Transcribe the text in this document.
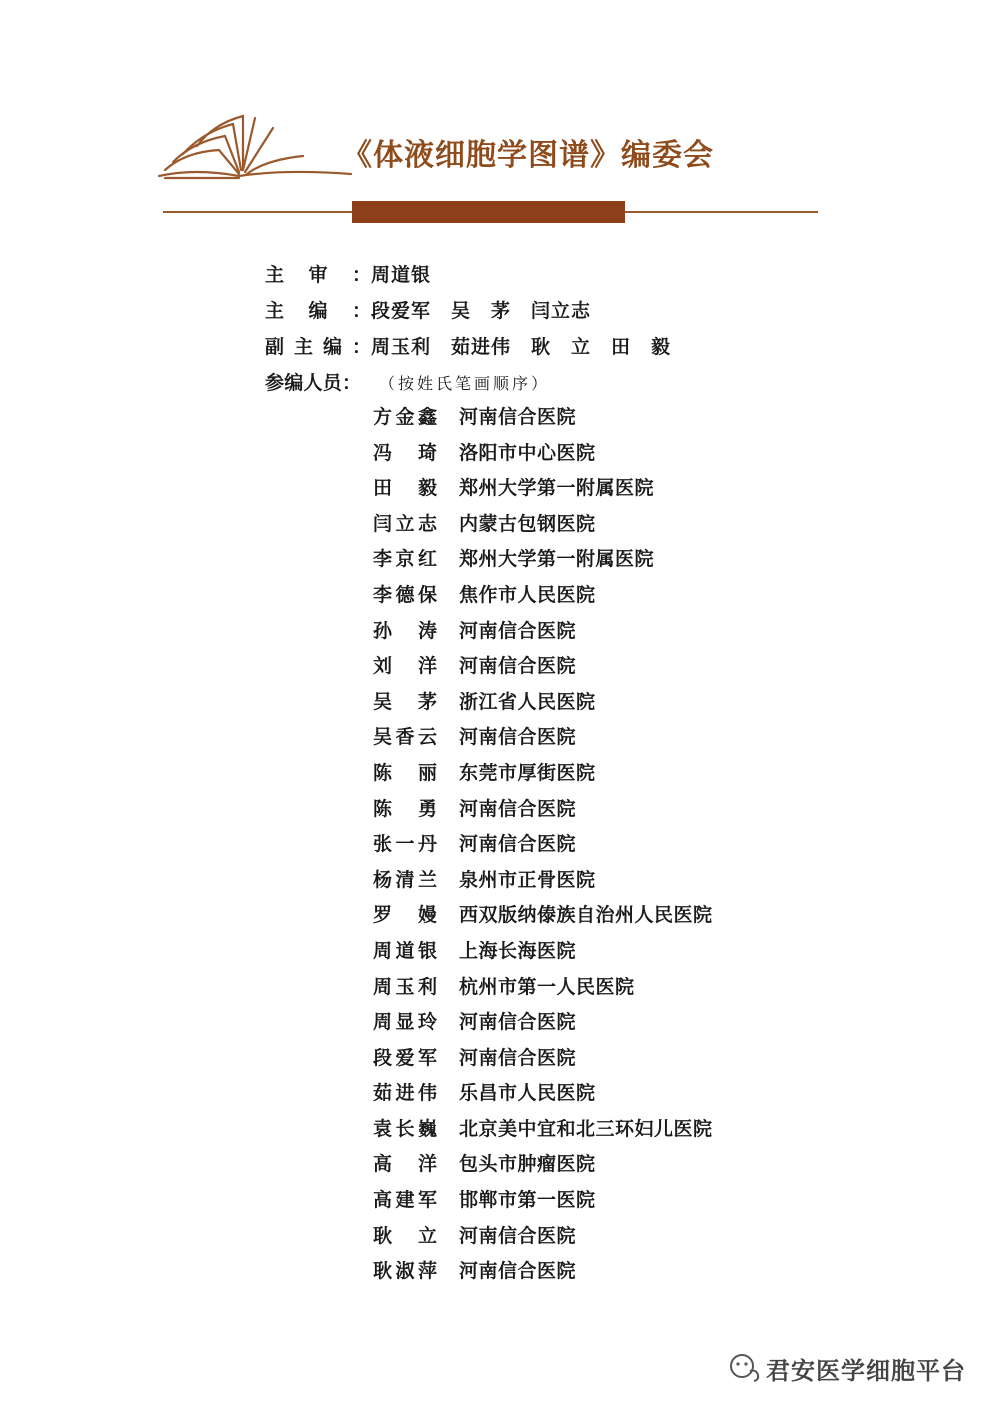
《体液细胞学图谱》编委会
主审： 周道银
主编： 段爱军　吴　茅　闫立志
副主编： 周玉利　茹进伟　耿　立　田　毅
参编人员： （按姓氏笔画顺序）
方金鑫 河南信合医院
冯琦 洛阳市中心医院
田毅 郑州大学第一附属医院
闫立志 内蒙古包钢医院
李京红 郑州大学第一附属医院
李德保 焦作市人民医院
孙涛 河南信合医院
刘洋 河南信合医院
吴茅 浙江省人民医院
吴香云 河南信合医院
陈丽 东莞市厚街医院
陈勇 河南信合医院
张一丹 河南信合医院
杨清兰 泉州市正骨医院
罗嫚 西双版纳傣族自治州人民医院
周道银 上海长海医院
周玉利 杭州市第一人民医院
周显玲 河南信合医院
段爱军 河南信合医院
茹进伟 乐昌市人民医院
袁长巍 北京美中宜和北三环妇儿医院
高洋 包头市肿瘤医院
高建军 邯郸市第一医院
耿立 河南信合医院
耿淑萍 河南信合医院
君安医学细胞平台
